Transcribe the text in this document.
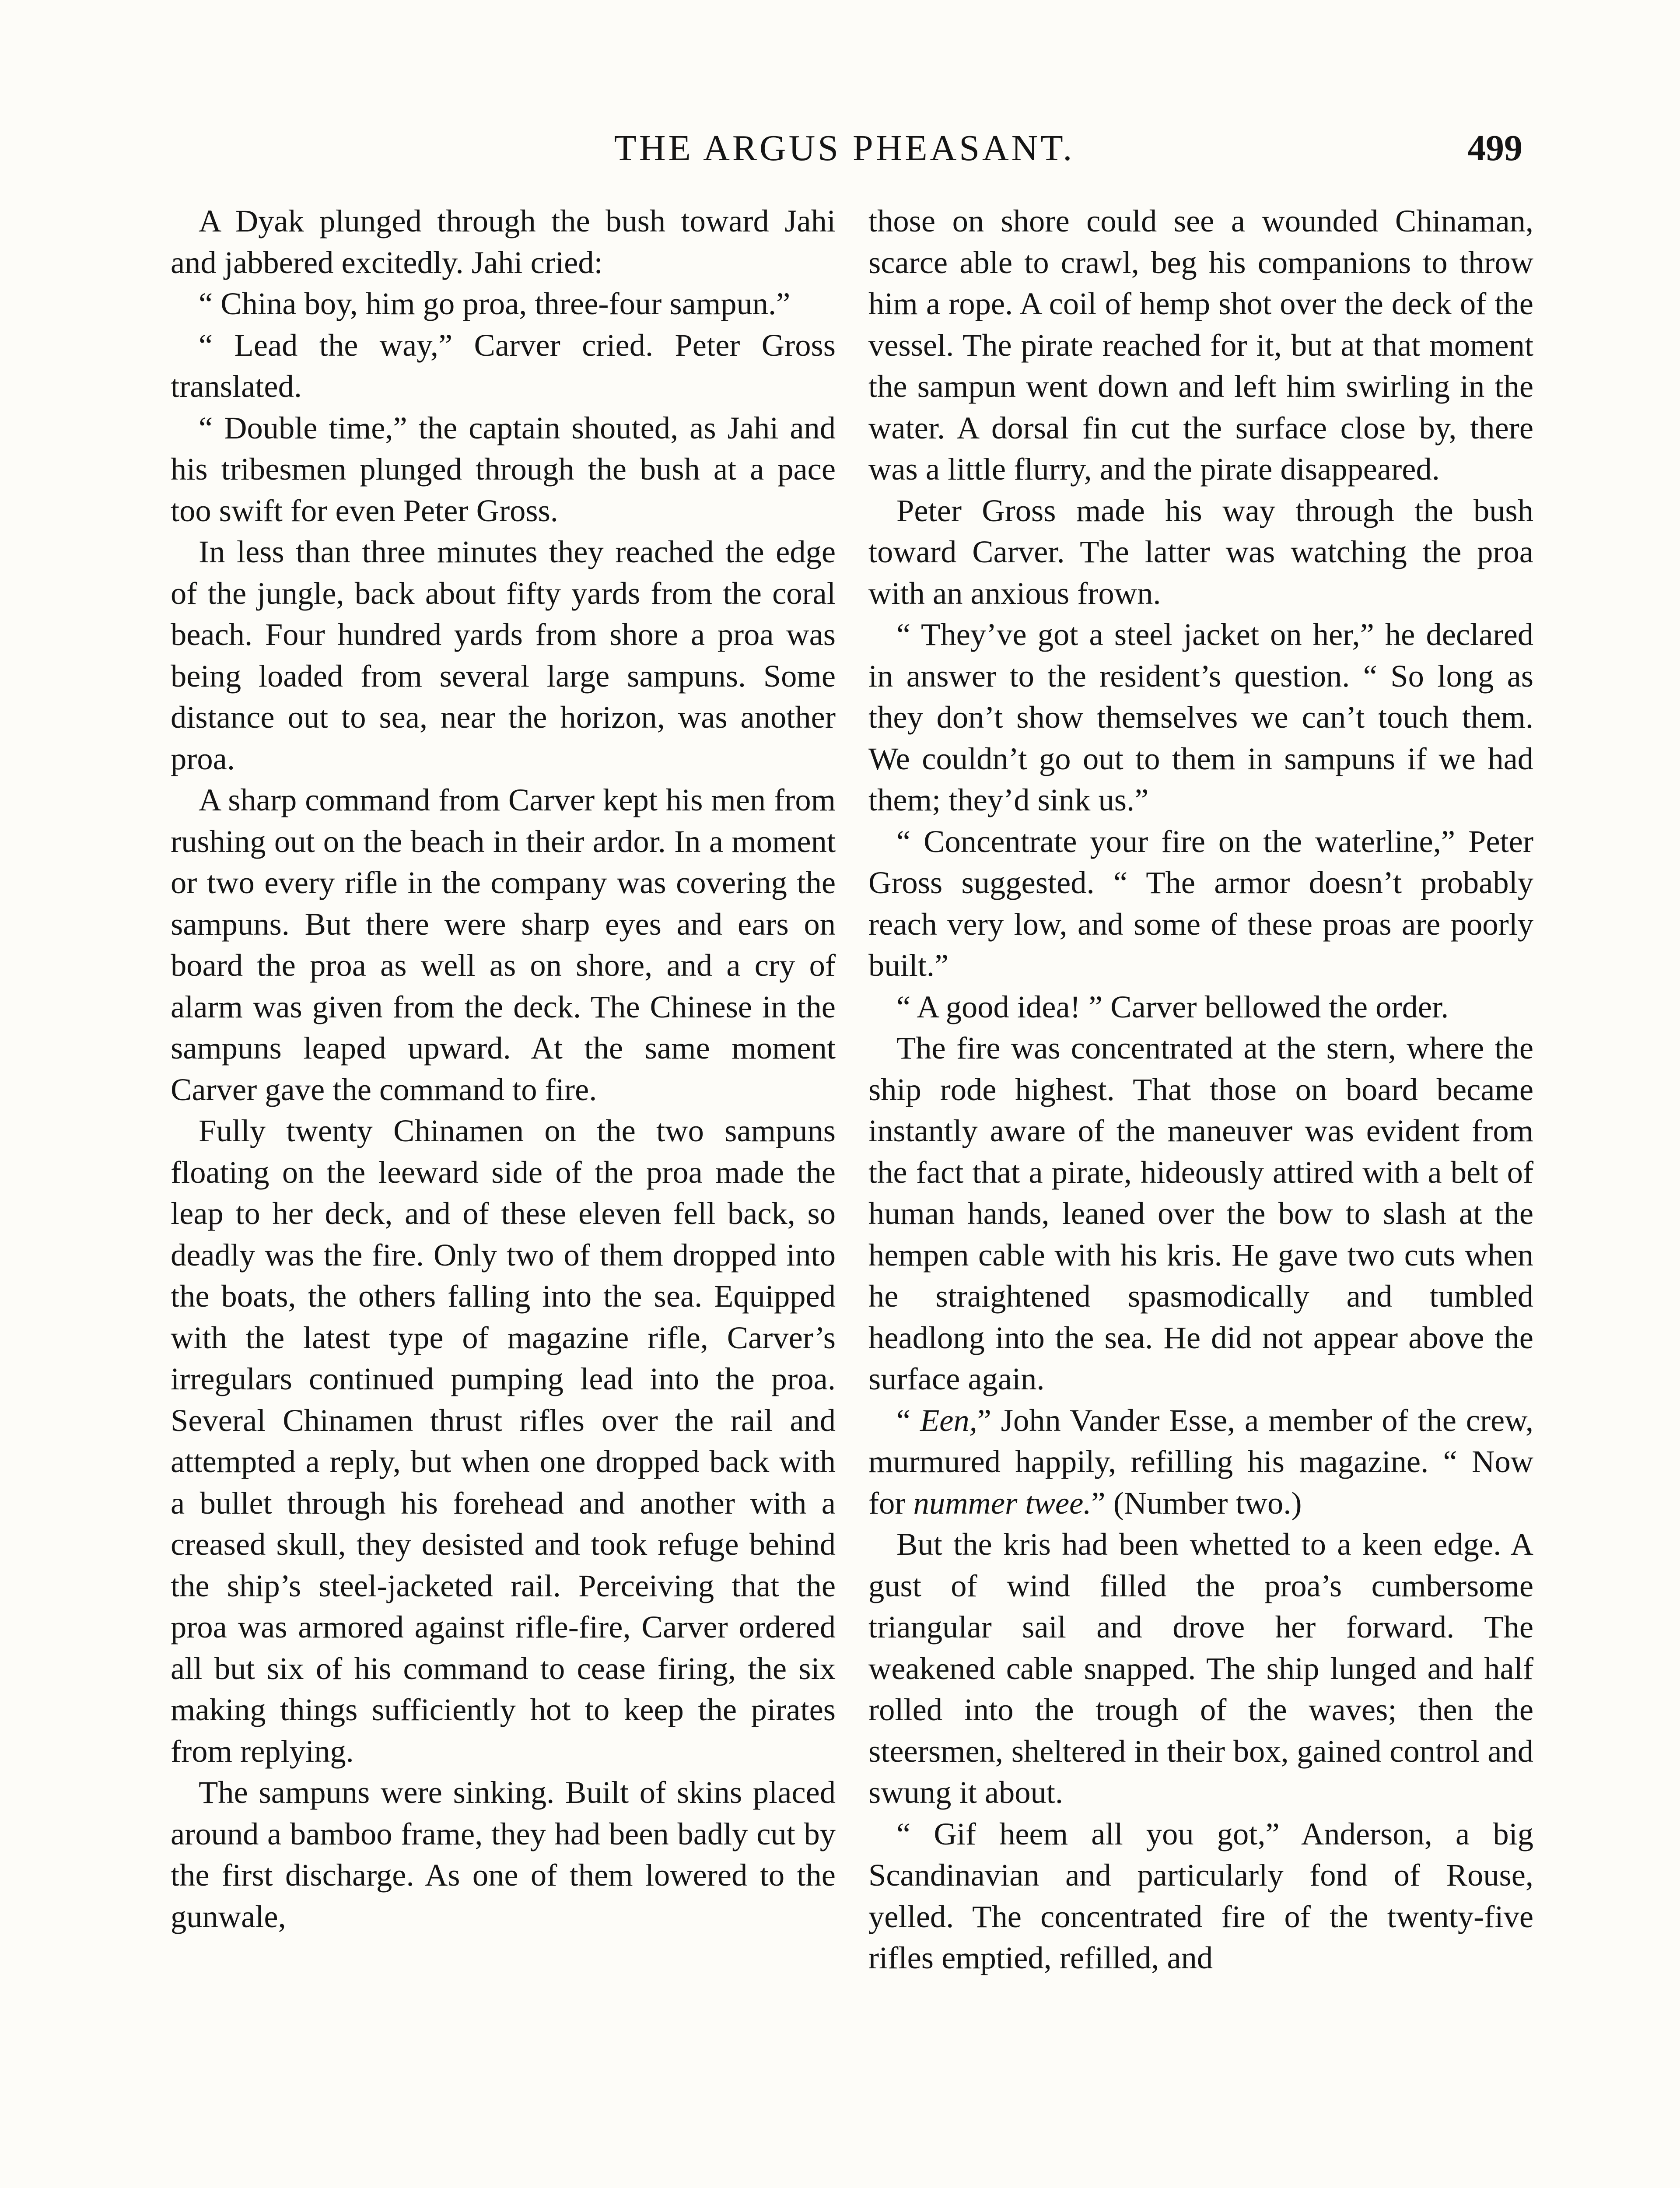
THE ARGUS PHEASANT.	499

A Dyak plunged through the bush toward Jahi and jabbered excitedly. Jahi cried:

“ China boy, him go proa, three-four sampun.”

“ Lead the way,” Carver cried. Peter Gross translated.

“ Double time,” the captain shouted, as Jahi and his tribesmen plunged through the bush at a pace too swift for even Peter Gross.

In less than three minutes they reached the edge of the jungle, back about fifty yards from the coral beach. Four hundred yards from shore a proa was being loaded from several large sampuns. Some distance out to sea, near the horizon, was another proa.

A sharp command from Carver kept his men from rushing out on the beach in their ardor. In a moment or two every rifle in the company was covering the sampuns. But there were sharp eyes and ears on board the proa as well as on shore, and a cry of alarm was given from the deck. The Chinese in the sampuns leaped upward. At the same moment Carver gave the command to fire.

Fully twenty Chinamen on the two sampuns floating on the leeward side of the proa made the leap to her deck, and of these eleven fell back, so deadly was the fire. Only two of them dropped into the boats, the others falling into the sea. Equipped with the latest type of magazine rifle, Carver’s irregulars continued pumping lead into the proa. Several Chinamen thrust rifles over the rail and attempted a reply, but when one dropped back with a bullet through his forehead and another with a creased skull, they desisted and took refuge behind the ship’s steel-jacketed rail. Perceiving that the proa was armored against rifle-fire, Carver ordered all but six of his command to cease firing, the six making things sufficiently hot to keep the pirates from replying.

The sampuns were sinking. Built of skins placed around a bamboo frame, they had been badly cut by the first discharge. As one of them lowered to the gunwale,

those on shore could see a wounded Chinaman, scarce able to crawl, beg his companions to throw him a rope. A coil of hemp shot over the deck of the vessel. The pirate reached for it, but at that moment the sampun went down and left him swirling in the water. A dorsal fin cut the surface close by, there was a little flurry, and the pirate disappeared.

Peter Gross made his way through the bush toward Carver. The latter was watching the proa with an anxious frown.

“ They’ve got a steel jacket on her,” he declared in answer to the resident’s question. “ So long as they don’t show themselves we can’t touch them. We couldn’t go out to them in sampuns if we had them; they’d sink us.”

“ Concentrate your fire on the waterline,” Peter Gross suggested. “ The armor doesn’t probably reach very low, and some of these proas are poorly built.”

“ A good idea! ” Carver bellowed the order.

The fire was concentrated at the stern, where the ship rode highest. That those on board became instantly aware of the maneuver was evident from the fact that a pirate, hideously attired with a belt of human hands, leaned over the bow to slash at the hempen cable with his kris. He gave two cuts when he straightened spasmodically and tumbled headlong into the sea. He did not appear above the surface again.

“ Een,” John Vander Esse, a member of the crew, murmured happily, refilling his magazine. “ Now for nummer twee.” (Number two.)

But the kris had been whetted to a keen edge. A gust of wind filled the proa’s cumbersome triangular sail and drove her forward. The weakened cable snapped. The ship lunged and half rolled into the trough of the waves; then the steersmen, sheltered in their box, gained control and swung it about.

“ Gif heem all you got,” Anderson, a big Scandinavian and particularly fond of Rouse, yelled. The concentrated fire of the twenty-five rifles emptied, refilled, and
